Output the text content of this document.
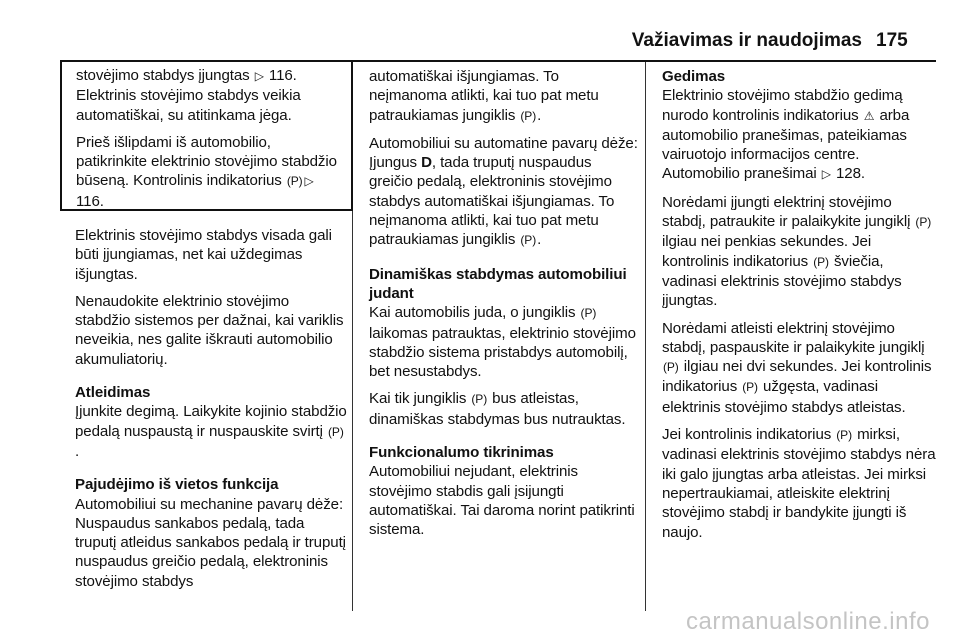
Važiavimas ir naudojimas 175
stovėjimo stabdys įjungtas ▷ 116. Elektrinis stovėjimo stabdys veikia automatiškai, su atitinkama jėga.
Prieš išlipdami iš automobilio, patikrinkite elektrinio stovėjimo stabdžio būseną. Kontrolinis indikatorius (P) ▷ 116.
Elektrinis stovėjimo stabdys visada gali būti įjungiamas, net kai uždegimas išjungtas.
Nenaudokite elektrinio stovėjimo stabdžio sistemos per dažnai, kai variklis neveikia, nes galite iškrauti automobilio akumuliatorių.
Atleidimas
Įjunkite degimą. Laikykite kojinio stabdžio pedalą nuspaustą ir nuspauskite svirtį (P).
Pajudėjimo iš vietos funkcija
Automobiliui su mechanine pavarų dėže: Nuspaudus sankabos pedalą, tada truputį atleidus sankabos pedalą ir truputį nuspaudus greičio pedalą, elektroninis stovėjimo stabdys
automatiškai išjungiamas. To neįmanoma atlikti, kai tuo pat metu patraukiamas jungiklis (P).
Automobiliui su automatine pavarų dėže: Įjungus D, tada truputį nuspaudus greičio pedalą, elektroninis stovėjimo stabdys automatiškai išjungiamas. To neįmanoma atlikti, kai tuo pat metu patraukiamas jungiklis (P).
Dinamiškas stabdymas automobiliui judant
Kai automobilis juda, o jungiklis (P) laikomas patrauktas, elektrinio stovėjimo stabdžio sistema pristabdys automobilį, bet nesustabdys.
Kai tik jungiklis (P) bus atleistas, dinamiškas stabdymas bus nutrauktas.
Funkcionalumo tikrinimas
Automobiliui nejudant, elektrinis stovėjimo stabdis gali įsijungti automatiškai. Tai daroma norint patikrinti sistema.
Gedimas
Elektrinio stovėjimo stabdžio gedimą nurodo kontrolinis indikatorius ⚠ arba automobilio pranešimas, pateikiamas vairuotojo informacijos centre. Automobilio pranešimai ▷ 128.
Norėdami įjungti elektrinį stovėjimo stabdį, patraukite ir palaikykite jungiklį (P) ilgiau nei penkias sekundes. Jei kontrolinis indikatorius (P) šviečia, vadinasi elektrinis stovėjimo stabdys įjungtas.
Norėdami atleisti elektrinį stovėjimo stabdį, paspauskite ir palaikykite jungiklį (P) ilgiau nei dvi sekundes. Jei kontrolinis indikatorius (P) užgęsta, vadinasi elektrinis stovėjimo stabdys atleistas.
Jei kontrolinis indikatorius (P) mirksi, vadinasi elektrinis stovėjimo stabdys nėra iki galo įjungtas arba atleistas. Jei mirksi nepertraukiamai, atleiskite elektrinį stovėjimo stabdį ir bandykite įjungti iš naujo.
carmanualsonline.info
